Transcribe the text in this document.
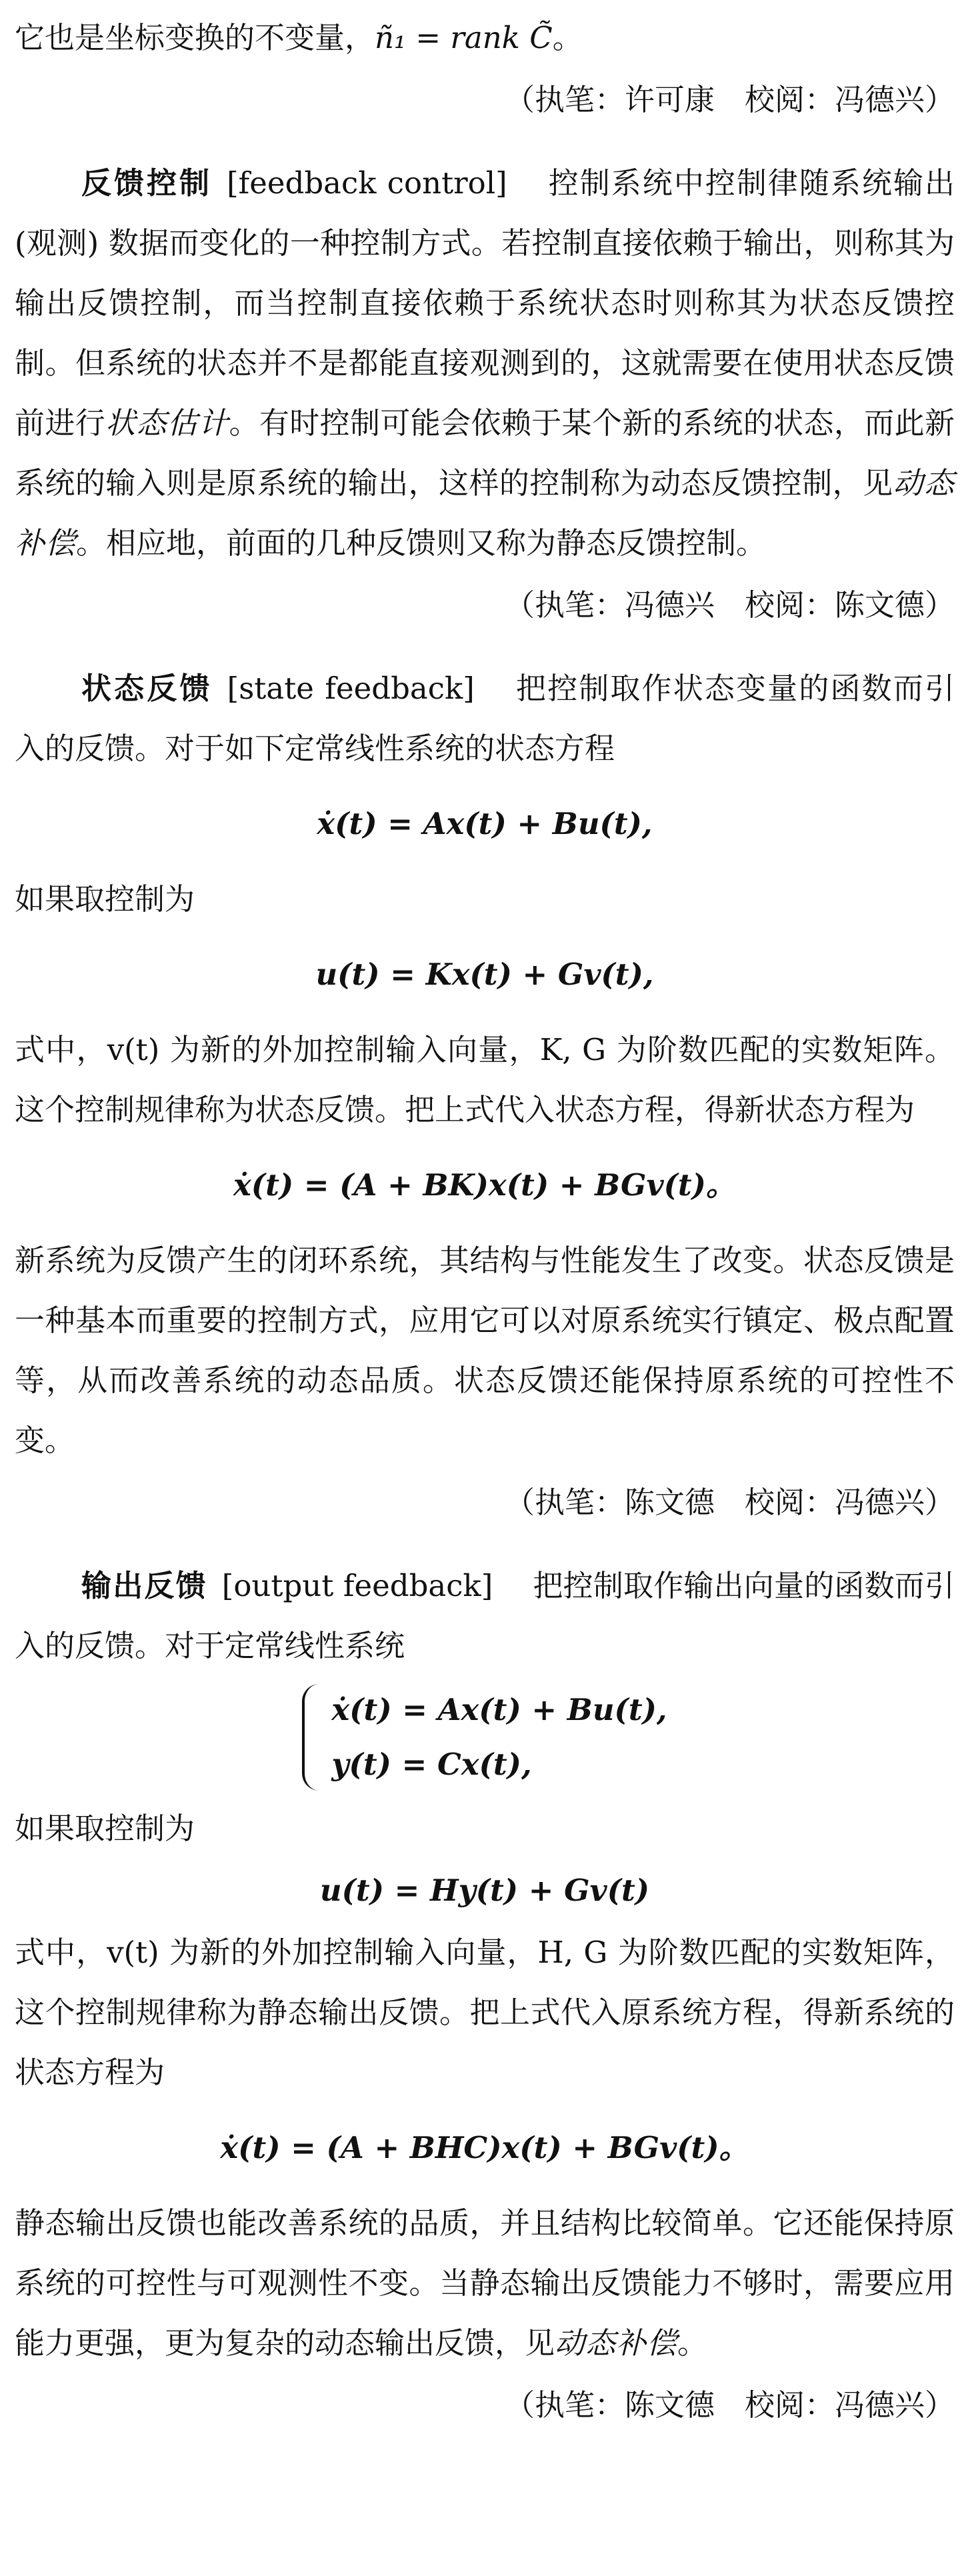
它也是坐标变换的不变量，ñ₁ = rank C̃。

（执笔：许可康　校阅：冯德兴）

反馈控制 [feedback control] 控制系统中控制律随系统输出 (观测) 数据而变化的一种控制方式。若控制直接依赖于输出，则称其为输出反馈控制，而当控制直接依赖于系统状态时则称其为状态反馈控制。但系统的状态并不是都能直接观测到的，这就需要在使用状态反馈前进行状态估计。有时控制可能会依赖于某个新的系统的状态，而此新系统的输入则是原系统的输出，这样的控制称为动态反馈控制，见动态补偿。相应地，前面的几种反馈则又称为静态反馈控制。

（执笔：冯德兴　校阅：陈文德）

状态反馈 [state feedback] 把控制取作状态变量的函数而引入的反馈。对于如下定常线性系统的状态方程

ẋ(t) = Ax(t) + Bu(t),

如果取控制为

u(t) = Kx(t) + Gv(t),

式中，v(t) 为新的外加控制输入向量，K, G 为阶数匹配的实数矩阵。这个控制规律称为状态反馈。把上式代入状态方程，得新状态方程为

ẋ(t) = (A + BK)x(t) + BGv(t)。

新系统为反馈产生的闭环系统，其结构与性能发生了改变。状态反馈是一种基本而重要的控制方式，应用它可以对原系统实行镇定、极点配置等，从而改善系统的动态品质。状态反馈还能保持原系统的可控性不变。

（执笔：陈文德　校阅：冯德兴）

输出反馈 [output feedback] 把控制取作输出向量的函数而引入的反馈。对于定常线性系统

ẋ(t) = Ax(t) + Bu(t),
y(t) = Cx(t),

如果取控制为

u(t) = Hy(t) + Gv(t)

式中，v(t) 为新的外加控制输入向量，H, G 为阶数匹配的实数矩阵，这个控制规律称为静态输出反馈。把上式代入原系统方程，得新系统的状态方程为

ẋ(t) = (A + BHC)x(t) + BGv(t)。

静态输出反馈也能改善系统的品质，并且结构比较简单。它还能保持原系统的可控性与可观测性不变。当静态输出反馈能力不够时，需要应用能力更强，更为复杂的动态输出反馈，见动态补偿。

（执笔：陈文德　校阅：冯德兴）
